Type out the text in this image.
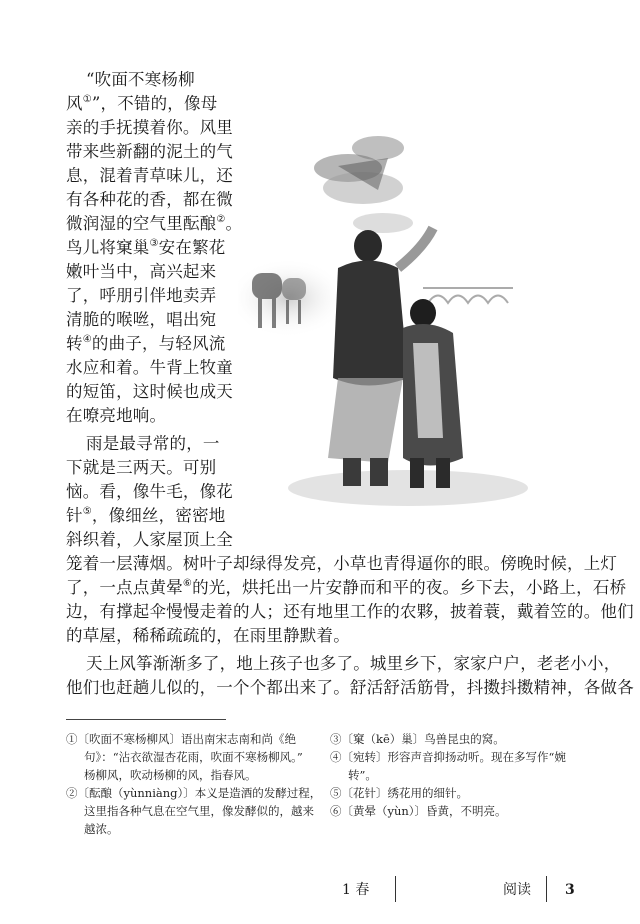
“吹面不寒杨柳
风①”，不错的，像母
亲的手抚摸着你。风里
带来些新翻的泥土的气
息，混着青草味儿，还
有各种花的香，都在微
微润湿的空气里酝酿②。
鸟儿将窠巢③安在繁花
嫩叶当中，高兴起来
了，呼朋引伴地卖弄
清脆的喉咝，唱出宛
转④的曲子，与轻风流
水应和着。牛背上牧童
的短笛，这时候也成天
在嘹亮地响。
雨是最寻常的，一
下就是三两天。可别
恼。看，像牛毛，像花
针⑤，像细丝，密密地
斜织着，人家屋顶上全
笼着一层薄烟。树叶子却绿得发亮，小草也青得逼你的眼。傍晚时候，上灯
了，一点点黄晕⑥的光，烘托出一片安静而和平的夜。乡下去，小路上，石桥
边，有撑起伞慢慢走着的人；还有地里工作的农夥，披着蓑，戴着笠的。他们
的草屋，稀稀疏疏的，在雨里静默着。
天上风筝渐渐多了，地上孩子也多了。城里乡下，家家户户，老老小小，
他们也赶趟儿似的，一个个都出来了。舒活舒活筋骨，抖擞抖擞精神，各做各
①〔吹面不寒杨柳风〕语出南宋志南和尚《绝
句》：“沾衣欲湿杏花雨，吹面不寒杨柳风。”
杨柳风，吹动杨柳的风，指春风。
②〔酝酿（yùnniàng）〕本义是造酒的发酵过程，
这里指各种气息在空气里，像发酵似的，越来
越浓。
③〔窠（kē）巢〕鸟兽昆虫的窝。
④〔宛转〕形容声音抑扬动听。现在多写作“婉
转”。
⑤〔花针〕绣花用的细针。
⑥〔黄晕（yùn）〕昏黄，不明亮。
1 春	阅读 3
